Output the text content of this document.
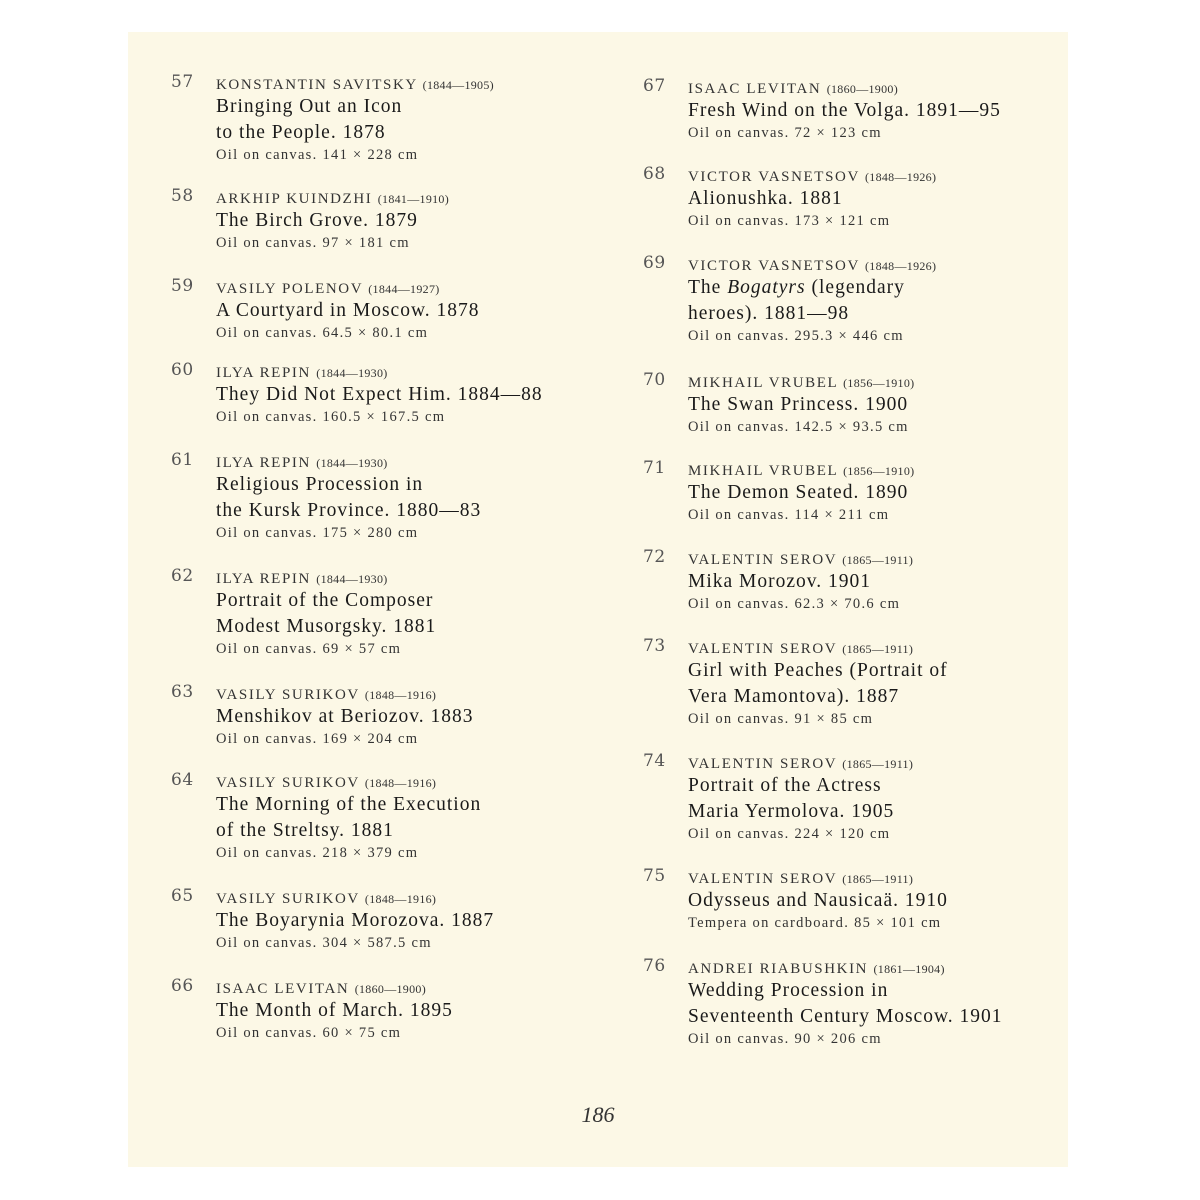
57	KONSTANTIN SAVITSKY (1844—1905)
Bringing Out an Icon
to the People. 1878
Oil on canvas. 141 × 228 cm
58	ARKHIP KUINDZHI (1841—1910)
The Birch Grove. 1879
Oil on canvas. 97 × 181 cm
59	VASILY POLENOV (1844—1927)
A Courtyard in Moscow. 1878
Oil on canvas. 64.5 × 80.1 cm
60	ILYA REPIN (1844—1930)
They Did Not Expect Him. 1884—88
Oil on canvas. 160.5 × 167.5 cm
61	ILYA REPIN (1844—1930)
Religious Procession in
the Kursk Province. 1880—83
Oil on canvas. 175 × 280 cm
62	ILYA REPIN (1844—1930)
Portrait of the Composer
Modest Musorgsky. 1881
Oil on canvas. 69 × 57 cm
63	VASILY SURIKOV (1848—1916)
Menshikov at Beriozov. 1883
Oil on canvas. 169 × 204 cm
64	VASILY SURIKOV (1848—1916)
The Morning of the Execution
of the Streltsy. 1881
Oil on canvas. 218 × 379 cm
65	VASILY SURIKOV (1848—1916)
The Boyarynia Morozova. 1887
Oil on canvas. 304 × 587.5 cm
66	ISAAC LEVITAN (1860—1900)
The Month of March. 1895
Oil on canvas. 60 × 75 cm
67	ISAAC LEVITAN (1860—1900)
Fresh Wind on the Volga. 1891—95
Oil on canvas. 72 × 123 cm
68	VICTOR VASNETSOV (1848—1926)
Alionushka. 1881
Oil on canvas. 173 × 121 cm
69	VICTOR VASNETSOV (1848—1926)
The Bogatyrs (legendary
heroes). 1881—98
Oil on canvas. 295.3 × 446 cm
70	MIKHAIL VRUBEL (1856—1910)
The Swan Princess. 1900
Oil on canvas. 142.5 × 93.5 cm
71	MIKHAIL VRUBEL (1856—1910)
The Demon Seated. 1890
Oil on canvas. 114 × 211 cm
72	VALENTIN SEROV (1865—1911)
Mika Morozov. 1901
Oil on canvas. 62.3 × 70.6 cm
73	VALENTIN SEROV (1865—1911)
Girl with Peaches (Portrait of
Vera Mamontova). 1887
Oil on canvas. 91 × 85 cm
74	VALENTIN SEROV (1865—1911)
Portrait of the Actress
Maria Yermolova. 1905
Oil on canvas. 224 × 120 cm
75	VALENTIN SEROV (1865—1911)
Odysseus and Nausicaä. 1910
Tempera on cardboard. 85 × 101 cm
76	ANDREI RIABUSHKIN (1861—1904)
Wedding Procession in
Seventeenth Century Moscow. 1901
Oil on canvas. 90 × 206 cm
186
